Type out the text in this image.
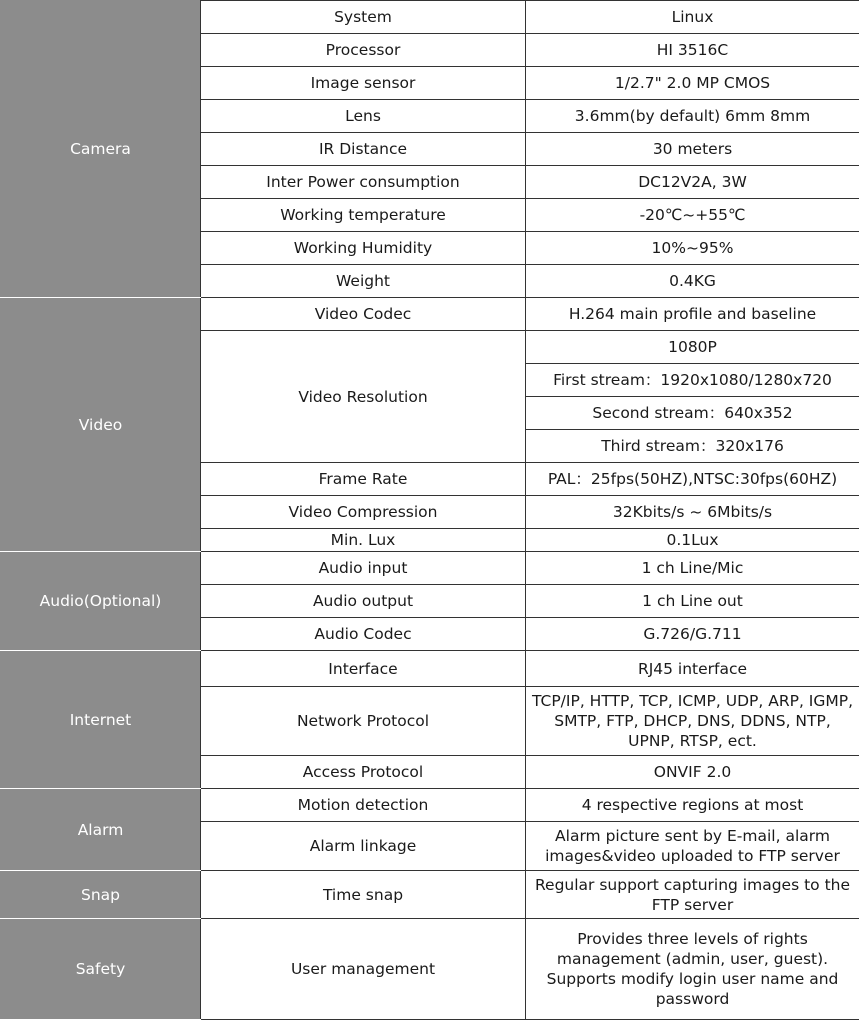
Camera	System	Linux
	Processor	HI 3516C
	Image sensor	1/2.7" 2.0 MP CMOS
	Lens	3.6mm(by default) 6mm 8mm
	IR Distance	30 meters
	Inter Power consumption	DC12V2A, 3W
	Working temperature	-20℃~+55℃
	Working Humidity	10%~95%
	Weight	0.4KG
Video	Video Codec	H.264 main profile and baseline
	Video Resolution	1080P
		First stream：1920x1080/1280x720
		Second stream：640x352
		Third stream：320x176
	Frame Rate	PAL：25fps(50HZ),NTSC:30fps(60HZ)
	Video Compression	32Kbits/s ~ 6Mbits/s
	Min. Lux	0.1Lux
Audio(Optional)	Audio input	1 ch Line/Mic
	Audio output	1 ch Line out
	Audio Codec	G.726/G.711
Internet	Interface	RJ45 interface
	Network Protocol	TCP/IP, HTTP, TCP, ICMP, UDP, ARP, IGMP, SMTP, FTP, DHCP, DNS, DDNS, NTP, UPNP, RTSP, ect.
	Access Protocol	ONVIF 2.0
Alarm	Motion detection	4 respective regions at most
	Alarm linkage	Alarm picture sent by E-mail, alarm images&video uploaded to FTP server
Snap	Time snap	Regular support capturing images to the FTP server
Safety	User management	Provides three levels of rights management (admin, user, guest). Supports modify login user name and password
